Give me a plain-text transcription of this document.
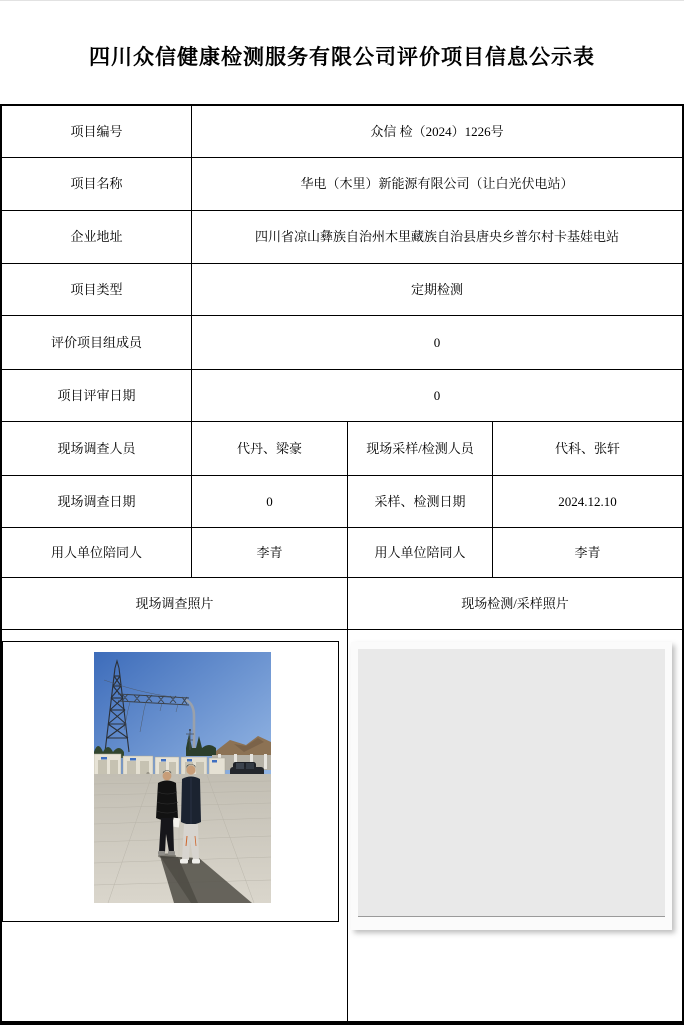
四川众信健康检测服务有限公司评价项目信息公示表
项目编号	众信 检（2024）1226号
项目名称	华电（木里）新能源有限公司（让白光伏电站）
企业地址	四川省凉山彝族自治州木里藏族自治县唐央乡普尔村卡基娃电站
项目类型	定期检测
评价项目组成员	0
项目评审日期	0
现场调查人员	代丹、梁豪	现场采样/检测人员	代科、张轩
现场调查日期	0	采样、检测日期	2024.12.10
用人单位陪同人	李青	用人单位陪同人	李青
现场调查照片	现场检测/采样照片
